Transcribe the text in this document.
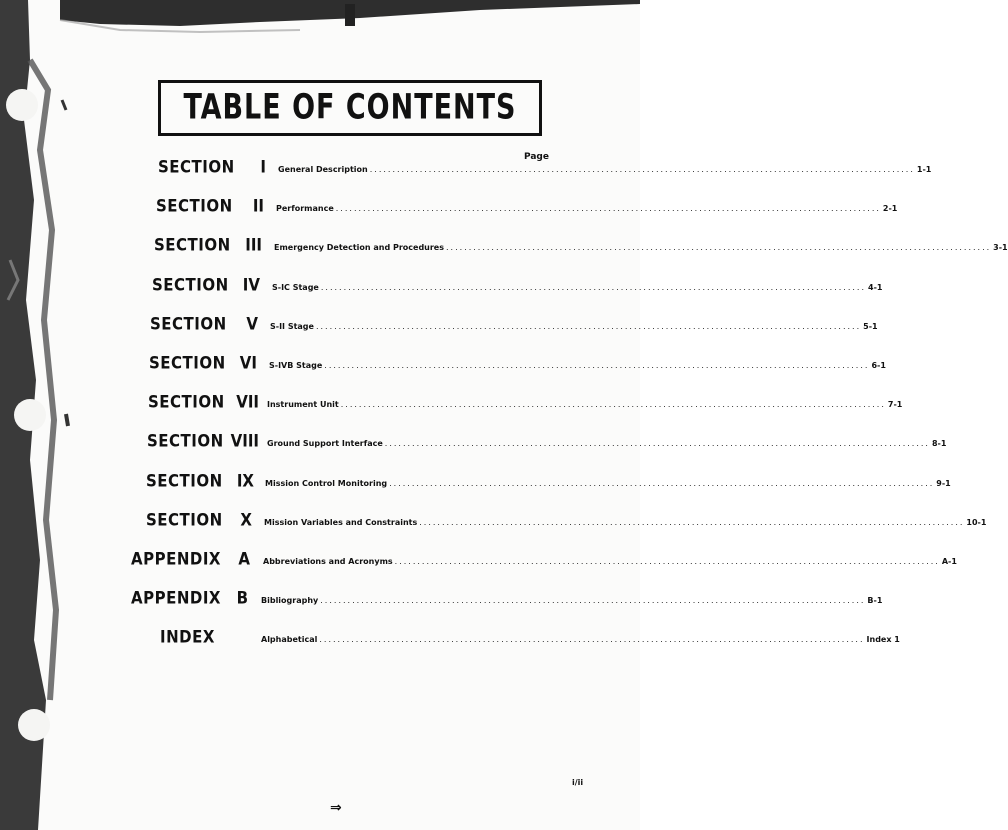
TABLE OF CONTENTS
Page
SECTION	I General Description ........................................................................................................................ 1-1
SECTION	II Performance ........................................................................................................................ 2-1
SECTION III Emergency Detection and Procedures ........................................................................................................................ 3-1
SECTION IV S-IC Stage ........................................................................................................................ 4-1
SECTION	V S-II Stage ........................................................................................................................ 5-1
SECTION VI S-IVB Stage ........................................................................................................................ 6-1
SECTION VII Instrument Unit ........................................................................................................................ 7-1
SECTION VIII Ground Support Interface ........................................................................................................................ 8-1
SECTION IX Mission Control Monitoring ........................................................................................................................ 9-1
SECTION	X Mission Variables and Constraints ........................................................................................................................ 10-1
APPENDIX	A Abbreviations and Acronyms ........................................................................................................................ A-1
APPENDIX	B Bibliography ........................................................................................................................ B-1
INDEX	Alphabetical ........................................................................................................................ Index 1
i/ii
⇒
